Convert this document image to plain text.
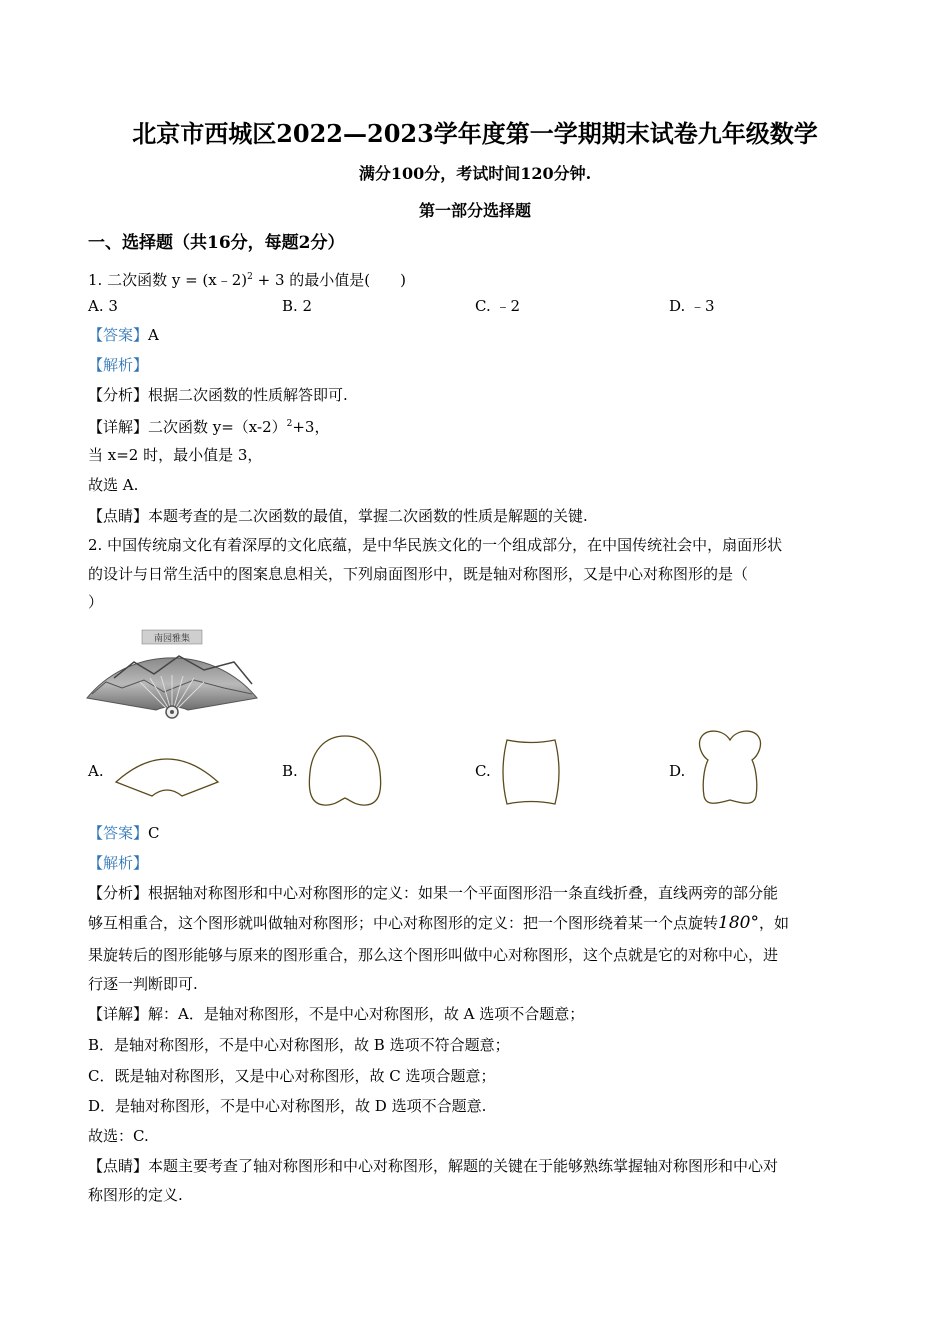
北京市西城区2022—2023学年度第一学期期末试卷九年级数学
满分100分，考试时间120分钟.
第一部分选择题
一、选择题（共16分，每题2分）
1. 二次函数 y = (x﹣2)$^2$ + 3 的最小值是(　　)
A. 3	B. 2	C. ﹣2	D. ﹣3
【答案】A
【解析】
【分析】根据二次函数的性质解答即可.
【详解】二次函数 $y=(x-2)^2+3$，
当 x=2 时，最小值是 3，
故选 A.
【点睛】本题考查的是二次函数的最值，掌握二次函数的性质是解题的关键.
2. 中国传统扇文化有着深厚的文化底蕴，是中华民族文化的一个组成部分，在中国传统社会中，扇面形状
的设计与日常生活中的图案息息相关，下列扇面图形中，既是轴对称图形，又是中心对称图形的是（
）
南园雅集
A.	B.	C.	D.
【答案】C
【解析】
【分析】根据轴对称图形和中心对称图形的定义：如果一个平面图形沿一条直线折叠，直线两旁的部分能
够互相重合，这个图形就叫做轴对称图形；中心对称图形的定义：把一个图形绕着某一个点旋转180°，如
果旋转后的图形能够与原来的图形重合，那么这个图形叫做中心对称图形，这个点就是它的对称中心，进
行逐一判断即可.
【详解】解：A．是轴对称图形，不是中心对称图形，故 A 选项不合题意；
B．是轴对称图形，不是中心对称图形，故 B 选项不符合题意；
C．既是轴对称图形，又是中心对称图形，故 C 选项合题意；
D．是轴对称图形，不是中心对称图形，故 D 选项不合题意.
故选：C.
【点睛】本题主要考查了轴对称图形和中心对称图形，解题的关键在于能够熟练掌握轴对称图形和中心对
称图形的定义.
